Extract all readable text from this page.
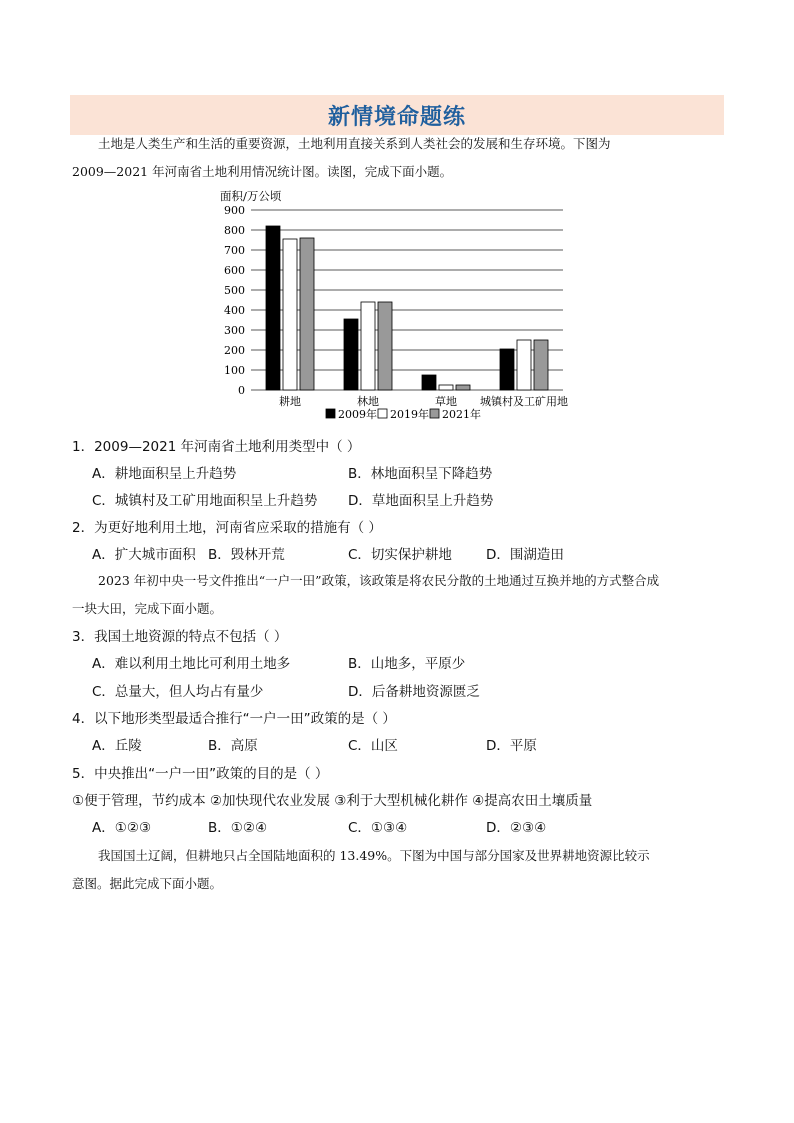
新情境命题练

土地是人类生产和生活的重要资源，土地利用直接关系到人类社会的发展和生存环境。下图为
2009—2021 年河南省土地利用情况统计图。读图，完成下面小题。

面积/万公顷
0
100
200
300
400
500
600
700
800
900
耕地	林地	草地 城镇村及工矿用地
2009年 2019年 2021年

1．2009—2021 年河南省土地利用类型中（ ）

A．耕地面积呈上升趋势	B．林地面积呈下降趋势
C．城镇村及工矿用地面积呈上升趋势 D．草地面积呈上升趋势

2．为更好地利用土地，河南省应采取的措施有（ ）

A．扩大城市面积 B．毁林开荒	C．切实保护耕地	D．围湖造田

2023 年初中央一号文件推出“一户一田”政策，该政策是将农民分散的土地通过互换并地的方式整合成
一块大田，完成下面小题。

3．我国土地资源的特点不包括（ ）

A．难以利用土地比可利用土地多	B．山地多，平原少
C．总量大，但人均占有量少	D．后备耕地资源匮乏

4．以下地形类型最适合推行“一户一田”政策的是（ ）

A．丘陵	B．高原	C．山区	D．平原

5．中央推出“一户一田”政策的目的是（ ）

①便于管理，节约成本 ②加快现代农业发展 ③利于大型机械化耕作 ④提高农田土壤质量

A．①②③	B．①②④	C．①③④	D．②③④

我国国土辽阔，但耕地只占全国陆地面积的 13.49%。下图为中国与部分国家及世界耕地资源比较示
意图。据此完成下面小题。
